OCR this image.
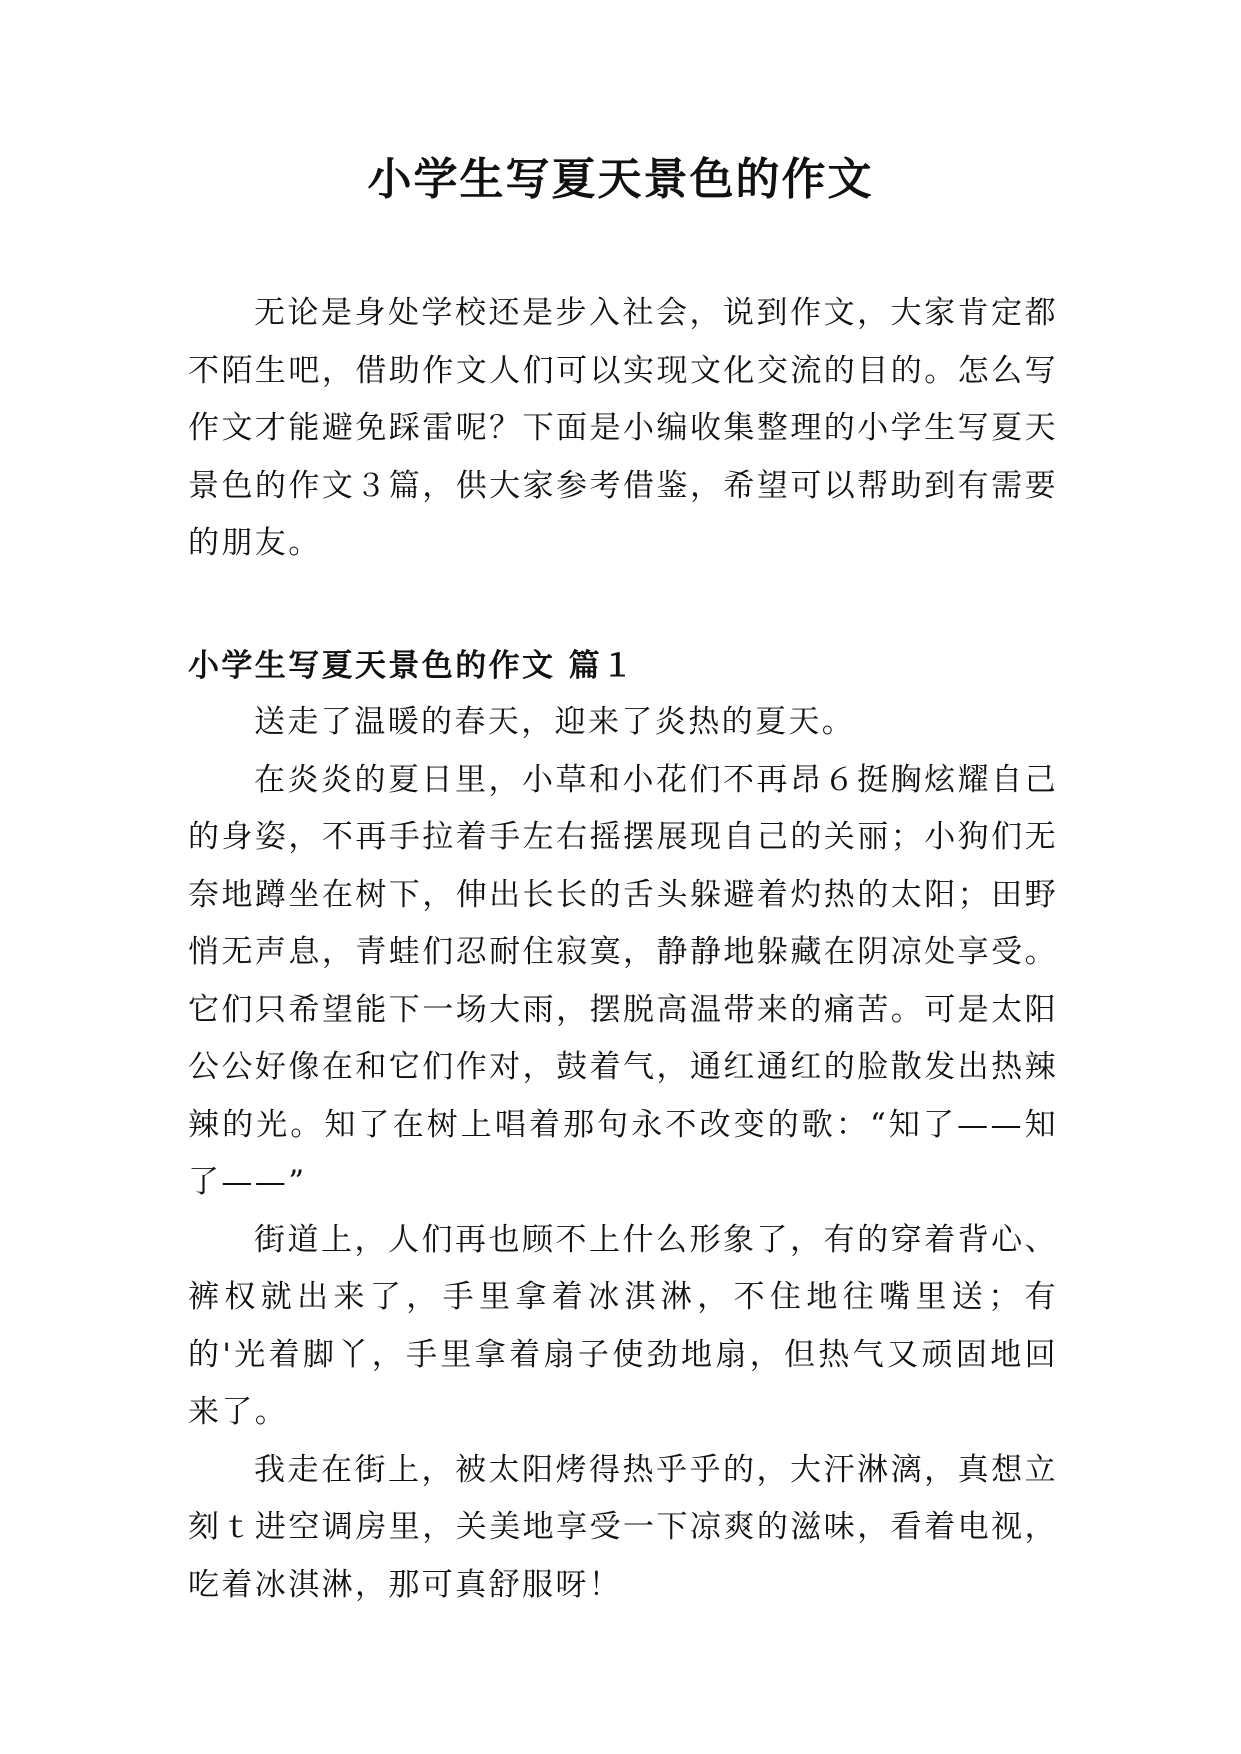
小学生写夏天景色的作文

无论是身处学校还是步入社会，说到作文，大家肯定都不陌生吧，借助作文人们可以实现文化交流的目的。怎么写作文才能避免踩雷呢？下面是小编收集整理的小学生写夏天景色的作文３篇，供大家参考借鉴，希望可以帮助到有需要的朋友。

小学生写夏天景色的作文 篇１

送走了温暖的春天，迎来了炎热的夏天。

在炎炎的夏日里，小草和小花们不再昂６挺胸炫耀自己的身姿，不再手拉着手左右摇摆展现自己的关丽；小狗们无奈地蹲坐在树下，伸出长长的舌头躲避着灼热的太阳；田野悄无声息，青蛙们忍耐住寂寞，静静地躲藏在阴凉处享受。它们只希望能下一场大雨，摆脱高温带来的痛苦。可是太阳公公好像在和它们作对，鼓着气，通红通红的脸散发出热辣辣的光。知了在树上唱着那句永不改变的歌：“知了——知了——”

街道上，人们再也顾不上什么形象了，有的穿着背心、裤权就出来了，手里拿着冰淇淋，不住地往嘴里送；有的'光着脚丫，手里拿着扇子使劲地扇，但热气又顽固地回来了。

我走在街上，被太阳烤得热乎乎的，大汗淋漓，真想立刻ｔ进空调房里，关美地享受一下凉爽的滋味，看着电视，吃着冰淇淋，那可真舒服呀！
